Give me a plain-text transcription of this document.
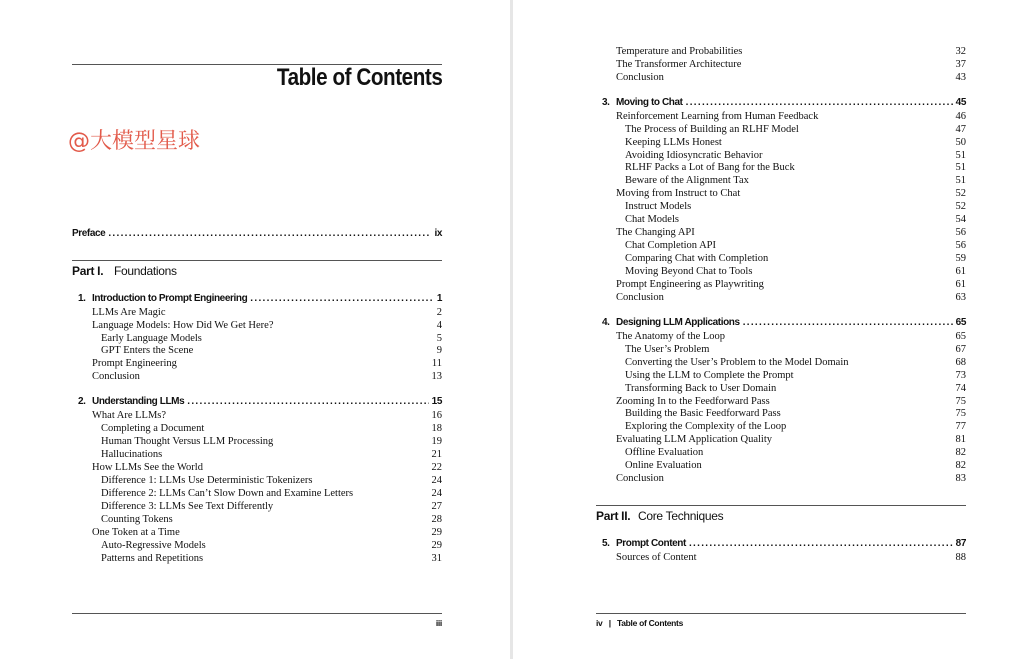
Table of Contents
@大模型星球
Preface .....	ix
Part I. Foundations
1. Introduction to Prompt Engineering .....	1
LLMs Are Magic	2
Language Models: How Did We Get Here?	4
Early Language Models	5
GPT Enters the Scene	9
Prompt Engineering	11
Conclusion	13
2. Understanding LLMs .....	15
What Are LLMs?	16
Completing a Document	18
Human Thought Versus LLM Processing	19
Hallucinations	21
How LLMs See the World	22
Difference 1: LLMs Use Deterministic Tokenizers	24
Difference 2: LLMs Can’t Slow Down and Examine Letters	24
Difference 3: LLMs See Text Differently	27
Counting Tokens	28
One Token at a Time	29
Auto-Regressive Models	29
Patterns and Repetitions	31
iii
Temperature and Probabilities	32
The Transformer Architecture	37
Conclusion	43
3. Moving to Chat .....	45
Reinforcement Learning from Human Feedback	46
The Process of Building an RLHF Model	47
Keeping LLMs Honest	50
Avoiding Idiosyncratic Behavior	51
RLHF Packs a Lot of Bang for the Buck	51
Beware of the Alignment Tax	51
Moving from Instruct to Chat	52
Instruct Models	52
Chat Models	54
The Changing API	56
Chat Completion API	56
Comparing Chat with Completion	59
Moving Beyond Chat to Tools	61
Prompt Engineering as Playwriting	61
Conclusion	63
4. Designing LLM Applications .....	65
The Anatomy of the Loop	65
The User’s Problem	67
Converting the User’s Problem to the Model Domain	68
Using the LLM to Complete the Prompt	73
Transforming Back to User Domain	74
Zooming In to the Feedforward Pass	75
Building the Basic Feedforward Pass	75
Exploring the Complexity of the Loop	77
Evaluating LLM Application Quality	81
Offline Evaluation	82
Online Evaluation	82
Conclusion	83
Part II. Core Techniques
5. Prompt Content .....	87
Sources of Content	88
iv | Table of Contents
